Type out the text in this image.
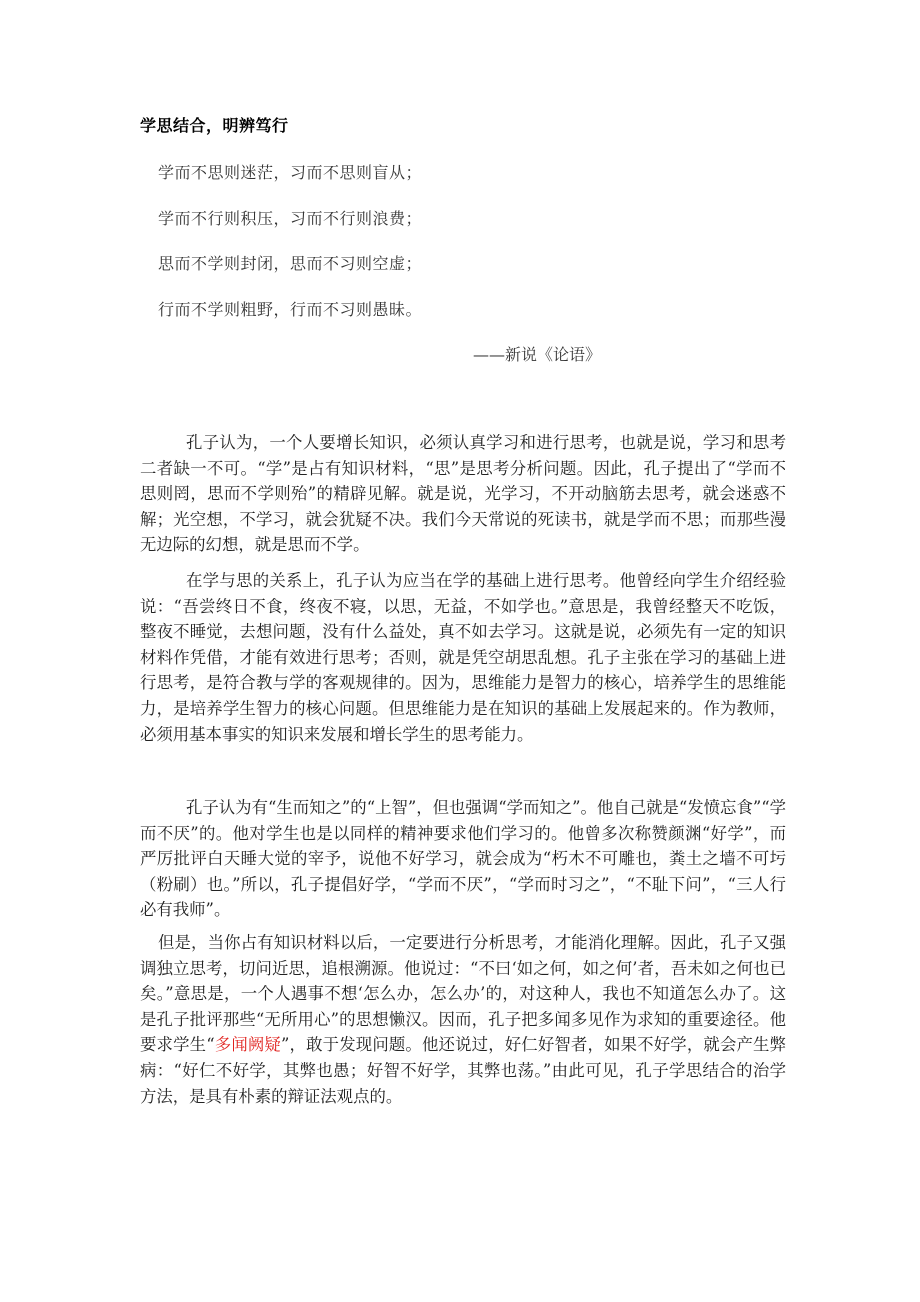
学思结合，明辨笃行
学而不思则迷茫，习而不思则盲从；
学而不行则积压，习而不行则浪费；
思而不学则封闭，思而不习则空虚；
行而不学则粗野，行而不习则愚昧。
——新说《论语》

孔子认为，一个人要增长知识，必须认真学习和进行思考，也就是说，学习和思考二者缺一不可。“学”是占有知识材料，“思”是思考分析问题。因此，孔子提出了“学而不思则罔，思而不学则殆”的精辟见解。就是说，光学习，不开动脑筋去思考，就会迷惑不解；光空想，不学习，就会犹疑不决。我们今天常说的死读书，就是学而不思；而那些漫无边际的幻想，就是思而不学。

在学与思的关系上，孔子认为应当在学的基础上进行思考。他曾经向学生介绍经验说：“吾尝终日不食，终夜不寝，以思，无益，不如学也。”意思是，我曾经整天不吃饭，整夜不睡觉，去想问题，没有什么益处，真不如去学习。这就是说，必须先有一定的知识材料作凭借，才能有效进行思考；否则，就是凭空胡思乱想。孔子主张在学习的基础上进行思考，是符合教与学的客观规律的。因为，思维能力是智力的核心，培养学生的思维能力，是培养学生智力的核心问题。但思维能力是在知识的基础上发展起来的。作为教师，必须用基本事实的知识来发展和增长学生的思考能力。

孔子认为有“生而知之”的“上智”，但也强调“学而知之”。他自己就是“发愤忘食”“学而不厌”的。他对学生也是以同样的精神要求他们学习的。他曾多次称赞颜渊“好学”，而严厉批评白天睡大觉的宰予，说他不好学习，就会成为“朽木不可雕也，粪土之墙不可圬（粉刷）也。”所以，孔子提倡好学，“学而不厌”，“学而时习之”，“不耻下问”，“三人行必有我师”。

但是，当你占有知识材料以后，一定要进行分析思考，才能消化理解。因此，孔子又强调独立思考，切问近思，追根溯源。他说过：“不曰‘如之何，如之何’者，吾未如之何也已矣。”意思是，一个人遇事不想‘怎么办，怎么办’的，对这种人，我也不知道怎么办了。这是孔子批评那些“无所用心”的思想懒汉。因而，孔子把多闻多见作为求知的重要途径。他要求学生“多闻阙疑”，敢于发现问题。他还说过，好仁好智者，如果不好学，就会产生弊病：“好仁不好学，其弊也愚；好智不好学，其弊也荡。”由此可见，孔子学思结合的治学方法，是具有朴素的辩证法观点的。
